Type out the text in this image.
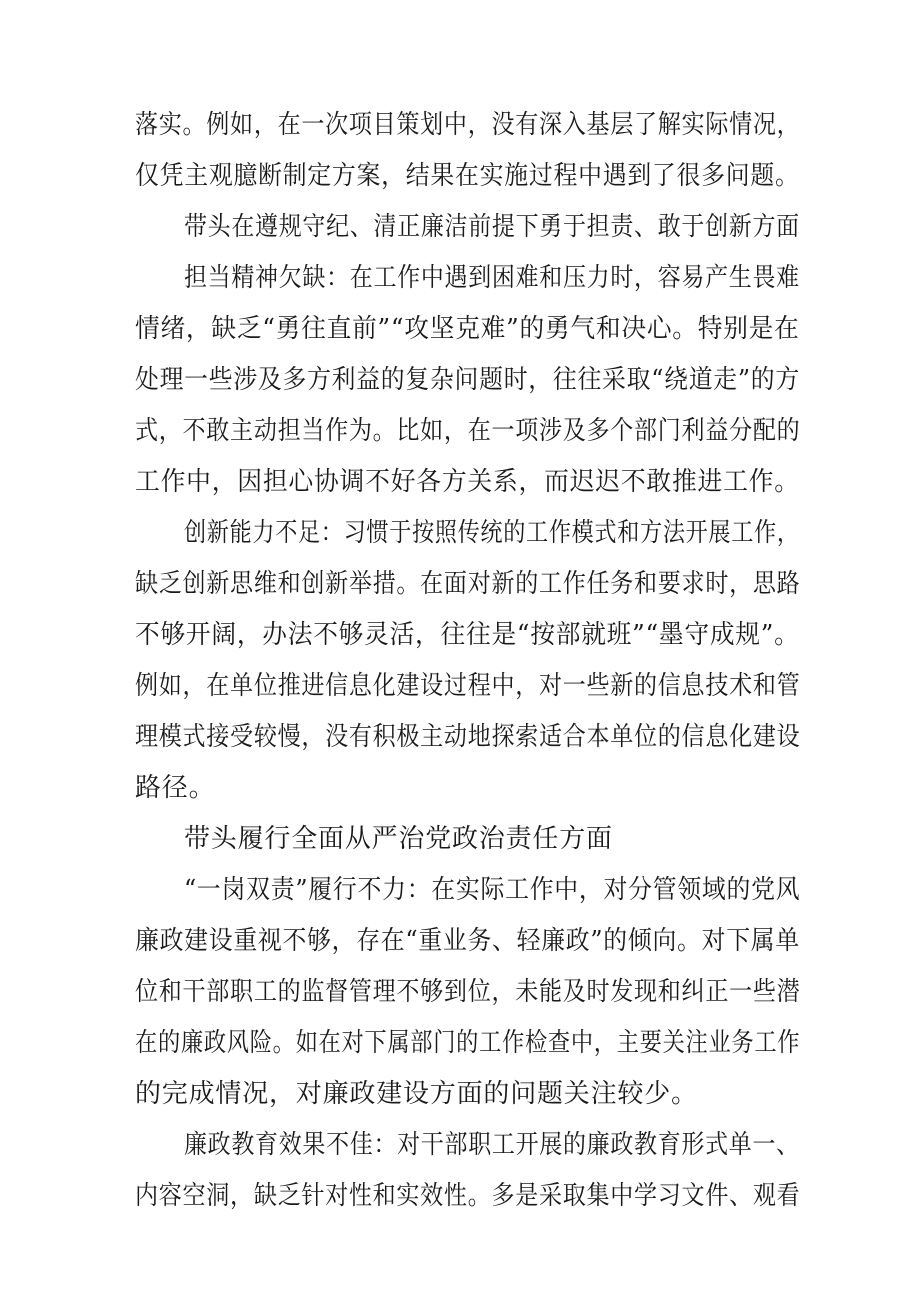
落实。例如，在一次项目策划中，没有深入基层了解实际情况，
仅凭主观臆断制定方案，结果在实施过程中遇到了很多问题。
带头在遵规守纪、清正廉洁前提下勇于担责、敢于创新方面
担当精神欠缺：在工作中遇到困难和压力时，容易产生畏难
情绪，缺乏“勇往直前”“攻坚克难”的勇气和决心。特别是在
处理一些涉及多方利益的复杂问题时，往往采取“绕道走”的方
式，不敢主动担当作为。比如，在一项涉及多个部门利益分配的
工作中，因担心协调不好各方关系，而迟迟不敢推进工作。
创新能力不足：习惯于按照传统的工作模式和方法开展工作，
缺乏创新思维和创新举措。在面对新的工作任务和要求时，思路
不够开阔，办法不够灵活，往往是“按部就班”“墨守成规”。
例如，在单位推进信息化建设过程中，对一些新的信息技术和管
理模式接受较慢，没有积极主动地探索适合本单位的信息化建设
路径。
带头履行全面从严治党政治责任方面
“一岗双责”履行不力：在实际工作中，对分管领域的党风
廉政建设重视不够，存在“重业务、轻廉政”的倾向。对下属单
位和干部职工的监督管理不够到位，未能及时发现和纠正一些潜
在的廉政风险。如在对下属部门的工作检查中，主要关注业务工作
的完成情况，对廉政建设方面的问题关注较少。
廉政教育效果不佳：对干部职工开展的廉政教育形式单一、
内容空洞，缺乏针对性和实效性。多是采取集中学习文件、观看
